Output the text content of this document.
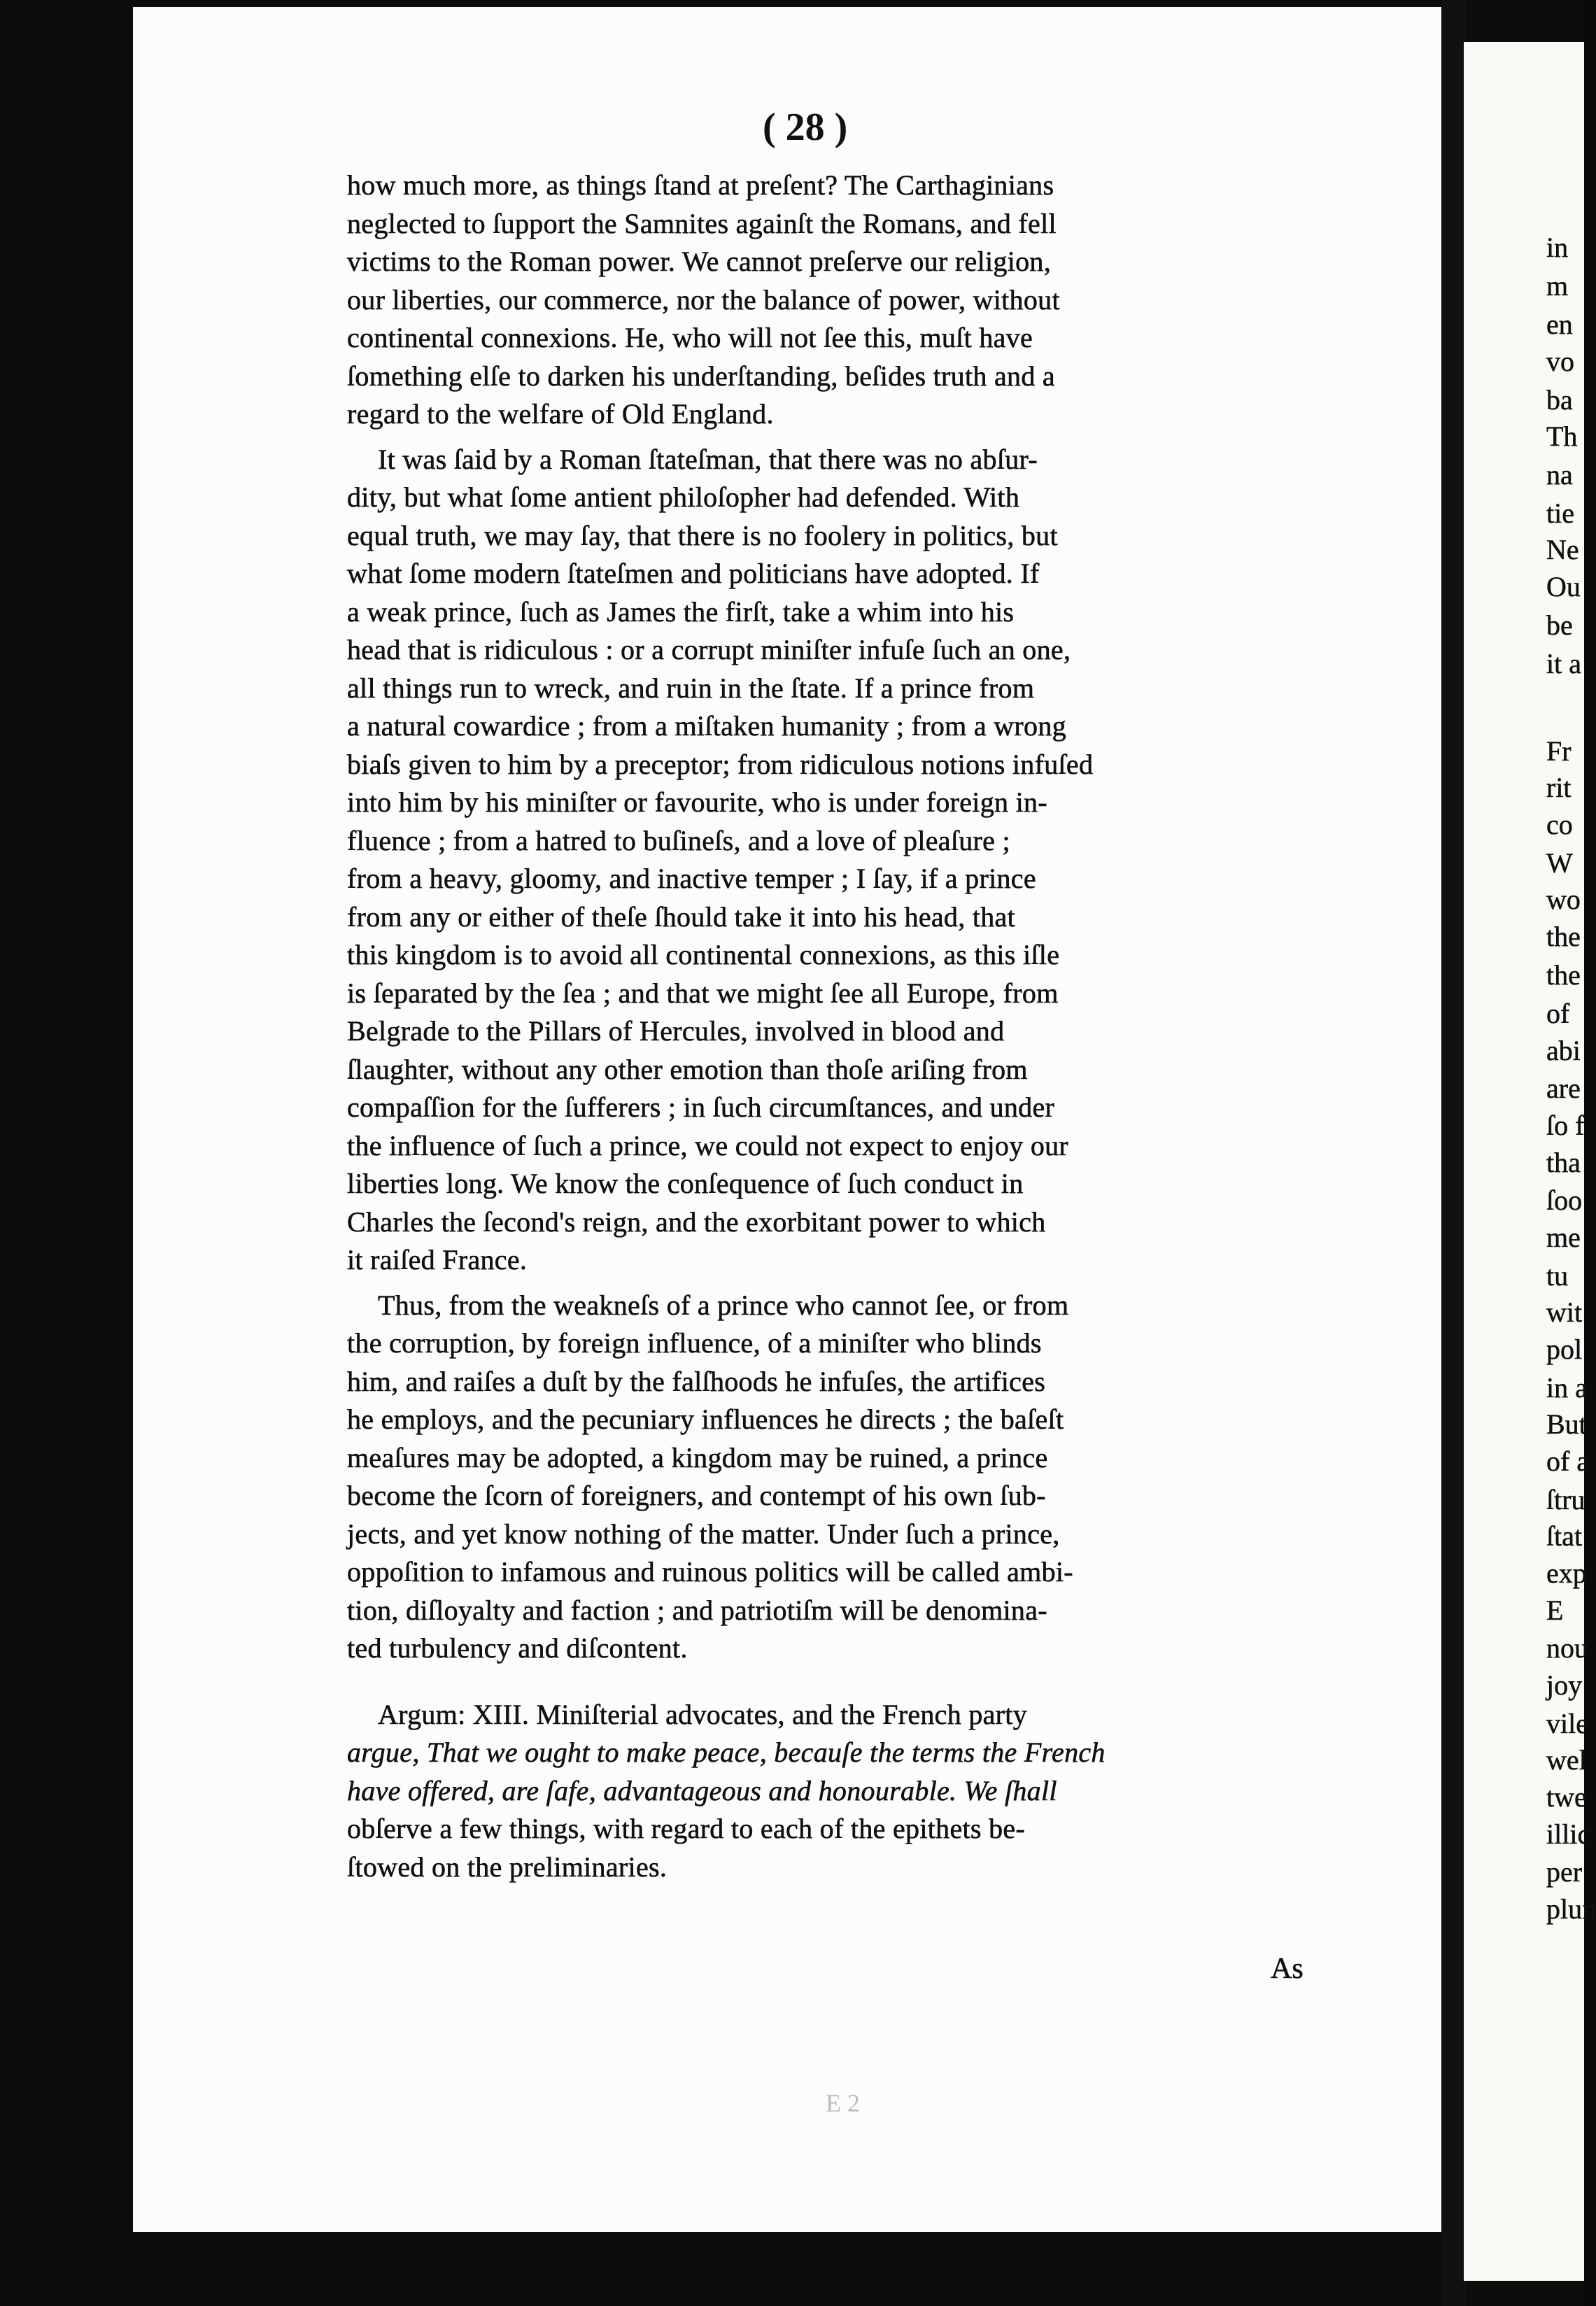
( 28 )
how much more, as things ſtand at preſent? The Carthaginians
neglected to ſupport the Samnites againſt the Romans, and fell
victims to the Roman power. We cannot preſerve our religion,
our liberties, our commerce, nor the balance of power, without
continental connexions. He, who will not ſee this, muſt have
ſomething elſe to darken his underſtanding, beſides truth and a
regard to the welfare of Old England.
It was ſaid by a Roman ſtateſman, that there was no abſur-
dity, but what ſome antient philoſopher had defended. With
equal truth, we may ſay, that there is no foolery in politics, but
what ſome modern ſtateſmen and politicians have adopted. If
a weak prince, ſuch as James the firſt, take a whim into his
head that is ridiculous : or a corrupt miniſter infuſe ſuch an one,
all things run to wreck, and ruin in the ſtate. If a prince from
a natural cowardice ; from a miſtaken humanity ; from a wrong
biaſs given to him by a preceptor; from ridiculous notions infuſed
into him by his miniſter or favourite, who is under foreign in-
fluence ; from a hatred to buſineſs, and a love of pleaſure ;
from a heavy, gloomy, and inactive temper ; I ſay, if a prince
from any or either of theſe ſhould take it into his head, that
this kingdom is to avoid all continental connexions, as this iſle
is ſeparated by the ſea ; and that we might ſee all Europe, from
Belgrade to the Pillars of Hercules, involved in blood and
ſlaughter, without any other emotion than thoſe ariſing from
compaſſion for the ſufferers ; in ſuch circumſtances, and under
the influence of ſuch a prince, we could not expect to enjoy our
liberties long. We know the conſequence of ſuch conduct in
Charles the ſecond's reign, and the exorbitant power to which
it raiſed France.
Thus, from the weakneſs of a prince who cannot ſee, or from
the corruption, by foreign influence, of a miniſter who blinds
him, and raiſes a duſt by the falſhoods he infuſes, the artifices
he employs, and the pecuniary influences he directs ; the baſeſt
meaſures may be adopted, a kingdom may be ruined, a prince
become the ſcorn of foreigners, and contempt of his own ſub-
jects, and yet know nothing of the matter. Under ſuch a prince,
oppoſition to infamous and ruinous politics will be called ambi-
tion, diſloyalty and faction ; and patriotiſm will be denomina-
ted turbulency and diſcontent.
Argum: XIII. Miniſterial advocates, and the French party
argue, That we ought to make peace, becauſe the terms the French
have offered, are ſafe, advantageous and honourable. We ſhall
obſerve a few things, with regard to each of the epithets be-
ſtowed on the preliminaries.
As
E 2
in
m
en
vo
ba
Th
na
tie
Ne
Ou
be
it a
Fr
rit
co
W
wo
the
the
of
abi
are
ſo f
tha
ſoo
me
tu
wit
pol
in a
But
of a
ſtru
ſtat
exp
E
nou
joy
vile
wel
twe
illic
per
plun
